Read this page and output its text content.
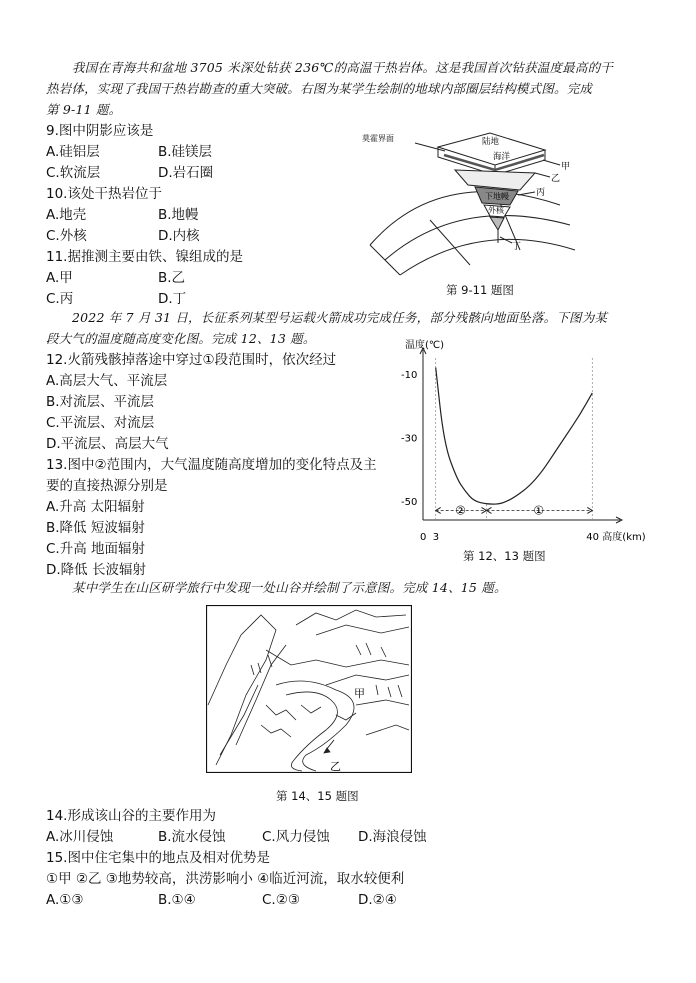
我国在青海共和盆地 3705 米深处钻获 236℃的高温干热岩体。这是我国首次钻获温度最高的干
热岩体，实现了我国干热岩勘查的重大突破。右图为某学生绘制的地球内部圈层结构模式图。完成
第 9-11 题。
9.图中阴影应该是
A.硅铝层	B.硅镁层
C.软流层	D.岩石圈
10.该处干热岩位于
A.地壳	B.地幔
C.外核	D.内核
11.据推测主要由铁、镍组成的是
A.甲	B.乙
C.丙	D.丁
莫霍界面	陆地
海洋
甲
乙
下地幔	丙
外核
丁
第 9-11 题图
2022 年 7 月 31 日，长征系列某型号运载火箭成功完成任务，部分残骸向地面坠落。下图为某
段大气的温度随高度变化图。完成 12、13 题。
12.火箭残骸掉落途中穿过①段范围时，依次经过
A.高层大气、平流层
B.对流层、平流层
C.平流层、对流层
D.平流层、高层大气
13.图中②范围内，大气温度随高度增加的变化特点及主
要的直接热源分别是
A.升高 太阳辐射
B.降低 短波辐射
C.升高 地面辐射
D.降低 长波辐射
-10
-30
-50
0 3	40 高度(km)
②	①
温度(℃)
第 12、13 题图
某中学生在山区研学旅行中发现一处山谷并绘制了示意图。完成 14、15 题。
甲
乙
第 14、15 题图
14.形成该山谷的主要作用为
A.冰川侵蚀	B.流水侵蚀	C.风力侵蚀 D.海浪侵蚀
15.图中住宅集中的地点及相对优势是
①甲 ②乙 ③地势较高，洪涝影响小 ④临近河流，取水较便利
A.①③	B.①④	C.②③	D.②④
